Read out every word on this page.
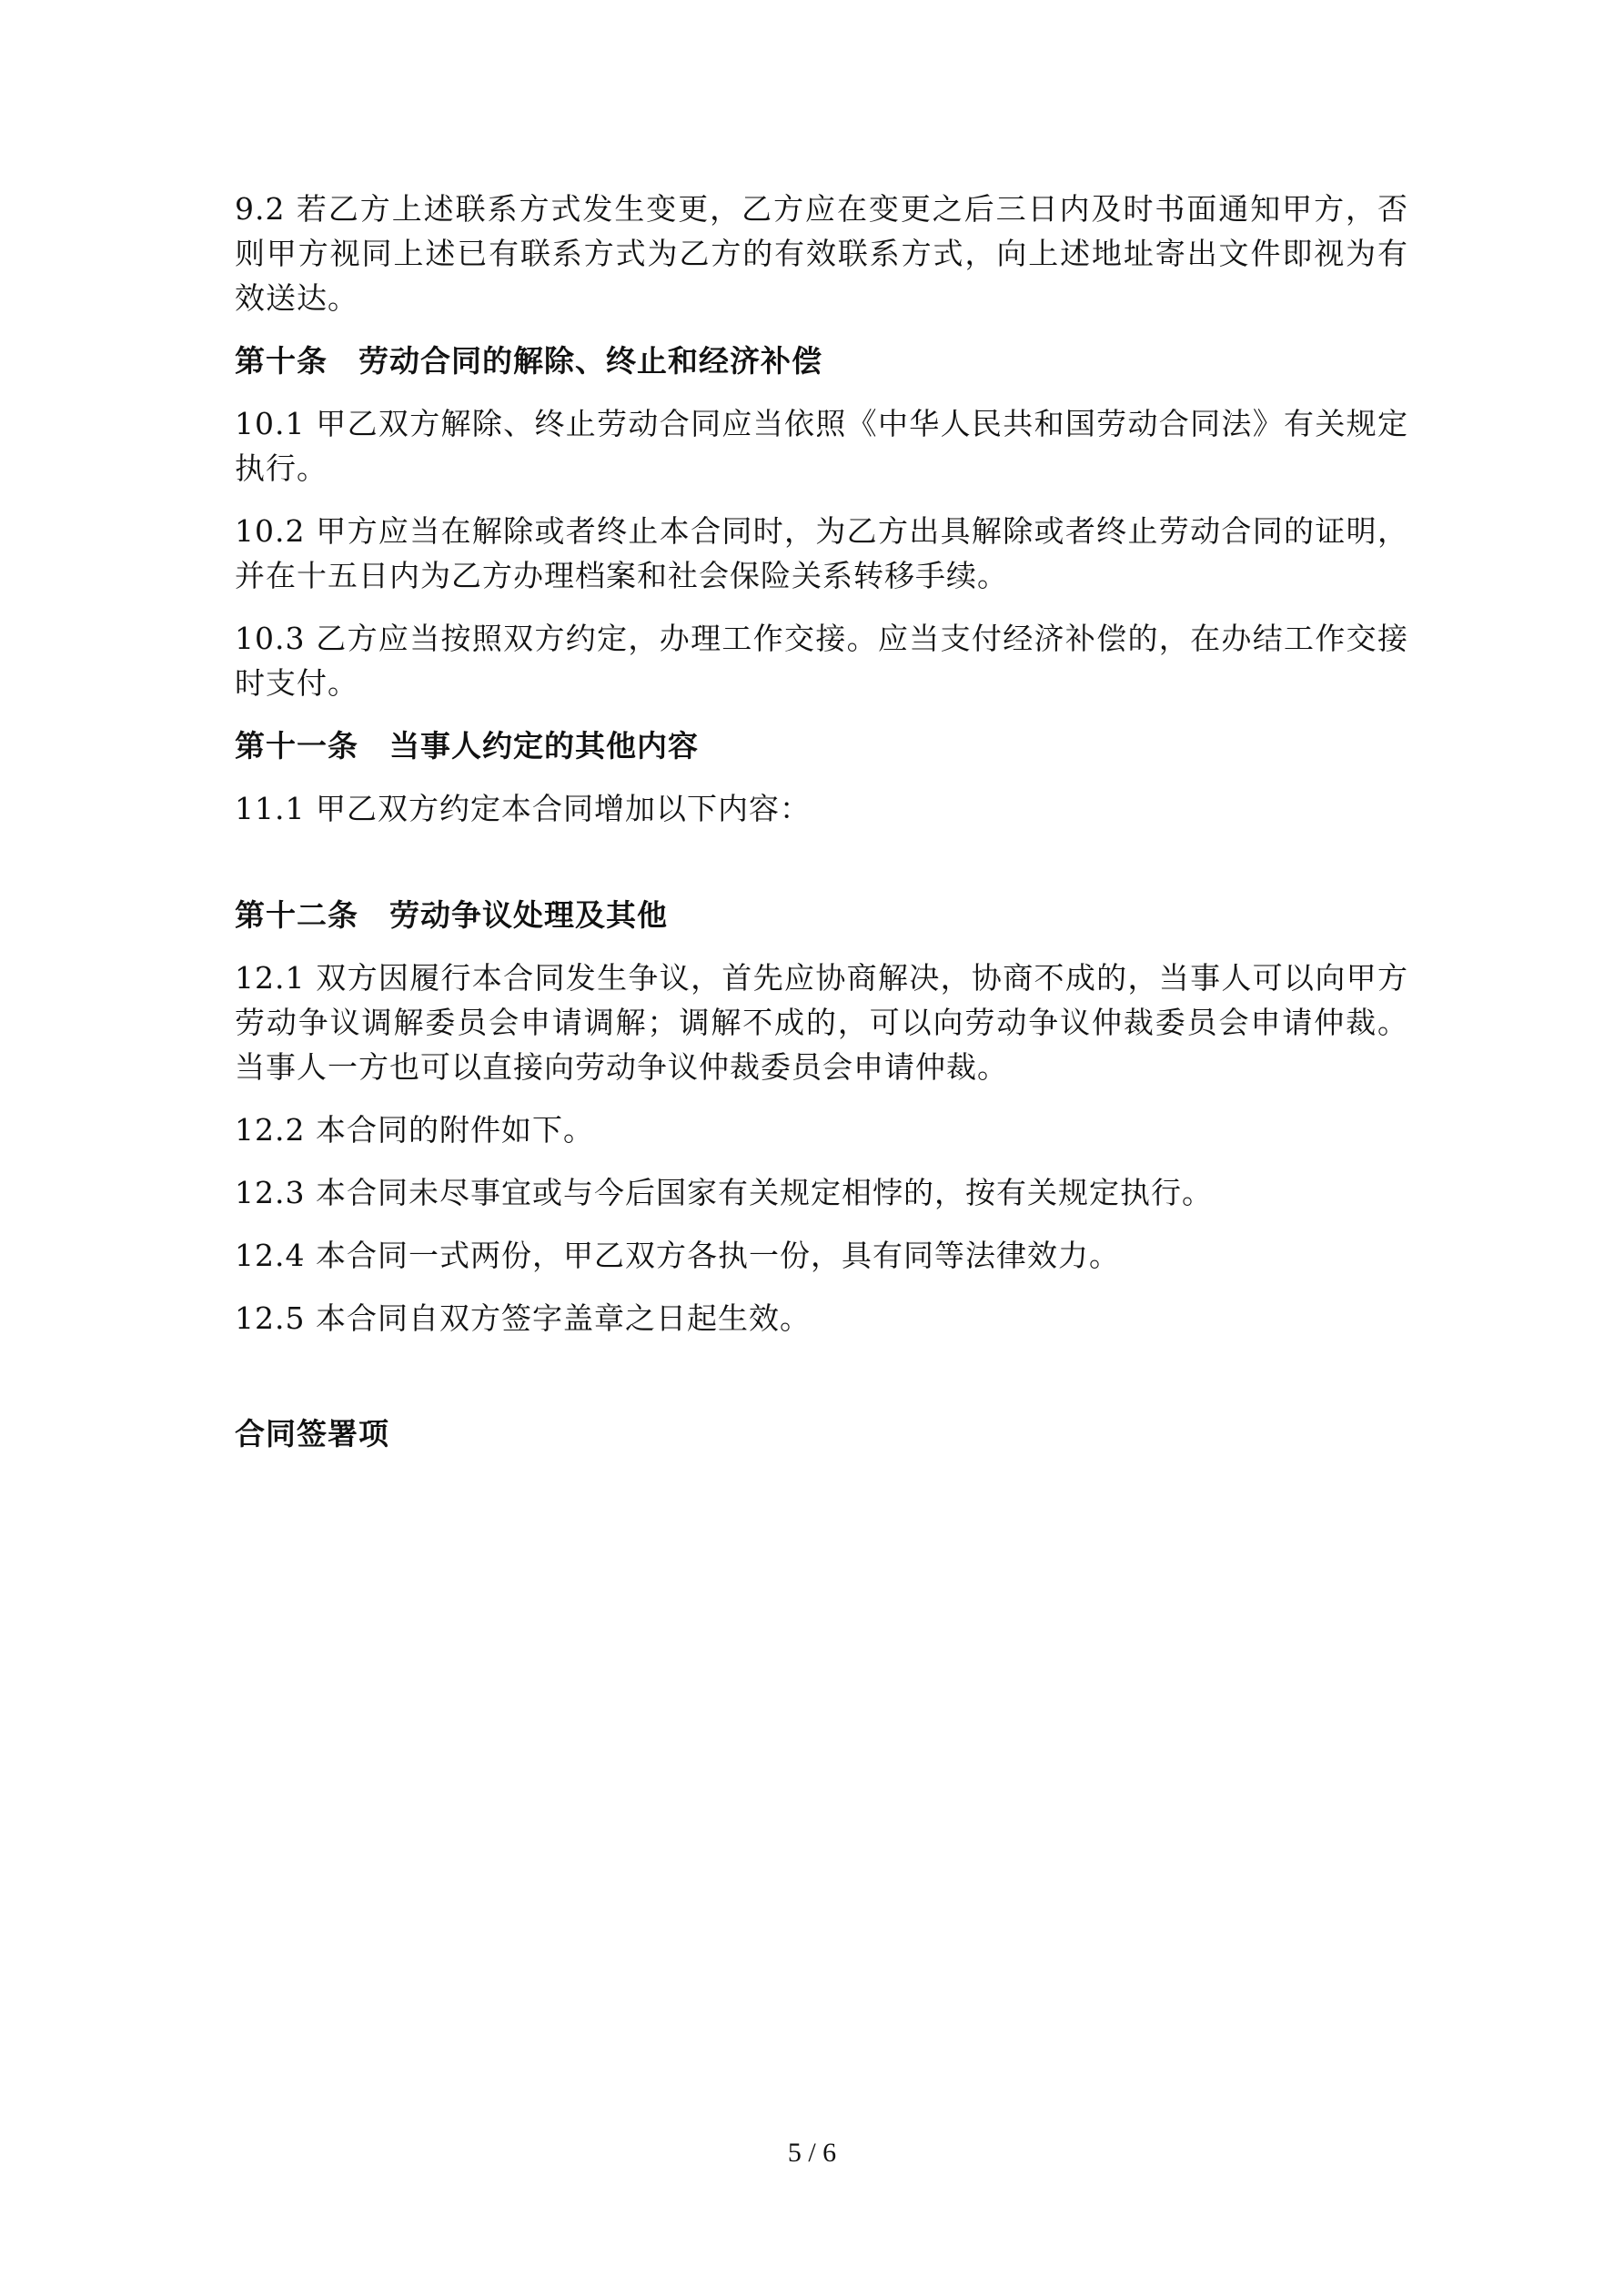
9.2 若乙方上述联系方式发生变更，乙方应在变更之后三日内及时书面通知甲方，否则甲方视同上述已有联系方式为乙方的有效联系方式，向上述地址寄出文件即视为有效送达。

第十条　劳动合同的解除、终止和经济补偿

10.1 甲乙双方解除、终止劳动合同应当依照《中华人民共和国劳动合同法》有关规定执行。

10.2 甲方应当在解除或者终止本合同时，为乙方出具解除或者终止劳动合同的证明，并在十五日内为乙方办理档案和社会保险关系转移手续。

10.3 乙方应当按照双方约定，办理工作交接。应当支付经济补偿的，在办结工作交接时支付。

第十一条　当事人约定的其他内容

11.1 甲乙双方约定本合同增加以下内容：

第十二条　劳动争议处理及其他

12.1 双方因履行本合同发生争议，首先应协商解决，协商不成的，当事人可以向甲方劳动争议调解委员会申请调解；调解不成的，可以向劳动争议仲裁委员会申请仲裁。当事人一方也可以直接向劳动争议仲裁委员会申请仲裁。

12.2 本合同的附件如下。

12.3 本合同未尽事宜或与今后国家有关规定相悖的，按有关规定执行。

12.4 本合同一式两份，甲乙双方各执一份，具有同等法律效力。

12.5 本合同自双方签字盖章之日起生效。

合同签署项
5 / 6
